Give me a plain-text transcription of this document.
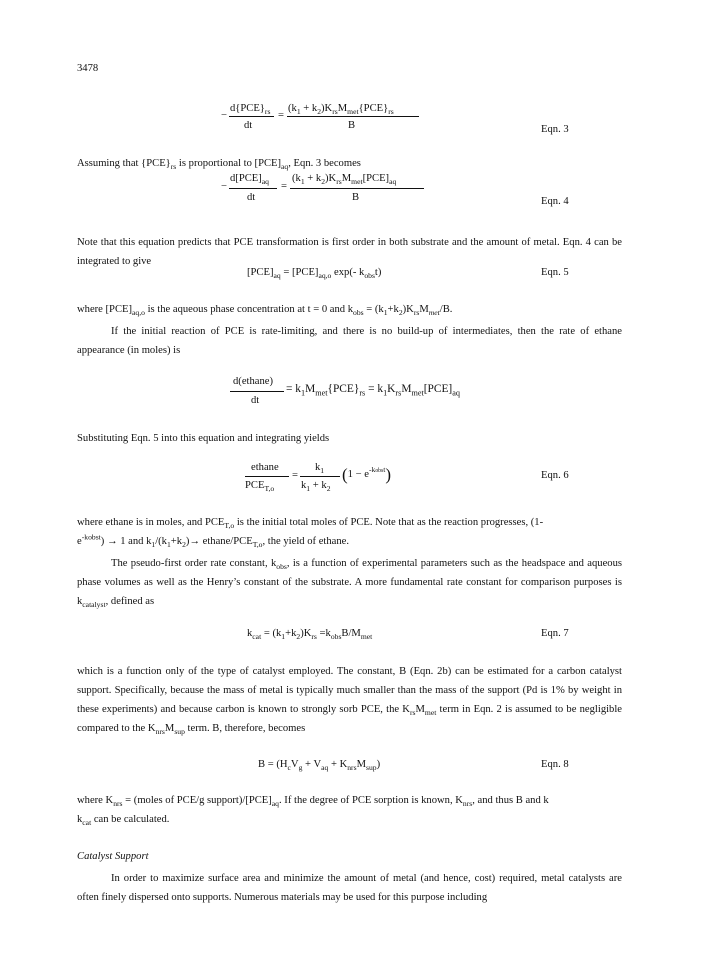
3478
−
$d\{PCE\}_{rs}$
dt
=
$(k_1 + k_2)K_{rs}M_{met}\{PCE\}_{rs}$
B	Eqn. 3
Assuming that $\{PCE\}_{rs}$ is proportional to $[PCE]_{aq}$, Eqn. 3 becomes
−
$d[PCE]_{aq}$
dt
=
$(k_1 + k_2)K_{rs}M_{met}[PCE]_{aq}$
B	Eqn. 4
Note that this equation predicts that PCE transformation is first order in both substrate and the amount of metal. Eqn. 4 can be integrated to give
$[PCE]_{aq} = [PCE]_{aq,o}$ exp(- $k_{obs}t$)	Eqn. 5
where $[PCE]_{aq,o}$ is the aqueous phase concentration at t = 0 and $k_{obs} = (k_1+k_2)K_{rs}M_{met}/B$.
If the initial reaction of PCE is rate-limiting, and there is no build-up of intermediates, then the rate of ethane appearance (in moles) is
d(ethane)
dt
= $k_1M_{met}\{PCE\}_{rs} = k_1K_{rs}M_{met}[PCE]_{aq}$
Substituting Eqn. 5 into this equation and integrating yields
ethane
$PCE_{T,o}$
=
$k_1$
$k_1 + k_2$
$(1 - e^{-kobst})$	Eqn. 6
where ethane is in moles, and $PCE_{T,o}$ is the initial total moles of PCE. Note that as the reaction progresses, (1-
$e^{-kobst}) \to 1$ and $k_1/(k_1+k_2)\to$ ethane/$PCE_{T,o}$, the yield of ethane.
The pseudo-first order rate constant, $k_{obs}$, is a function of experimental parameters such as the headspace and aqueous phase volumes as well as the Henry’s constant of the substrate. A more fundamental rate constant for comparison purposes is $k_{catalyst}$, defined as
$k_{cat} = (k_1+k_2)K_{rs} =k_{obs}B/M_{met}$	Eqn. 7
which is a function only of the type of catalyst employed. The constant, B (Eqn. 2b) can be estimated for a carbon catalyst support. Specifically, because the mass of metal is typically much smaller than the mass of the support (Pd is 1% by weight in these experiments) and because carbon is known to strongly sorb PCE, the $K_{rs}M_{met}$ term in Eqn. 2 is assumed to be negligible compared to the $K_{nrs}M_{sup}$ term. B, therefore, becomes
$B = (H_cV_g + V_{aq} + K_{nrs}M_{sup})$	Eqn. 8
where $K_{nrs}$ = (moles of PCE/g $support)/[PCE]_{aq}$. If the degree of PCE sorption is known, $K_{nrs}$, and thus B and k
$k_{cat}$ can be calculated.
Catalyst Support
In order to maximize surface area and minimize the amount of metal (and hence, cost) required, metal catalysts are often finely dispersed onto supports. Numerous materials may be used for this purpose including
